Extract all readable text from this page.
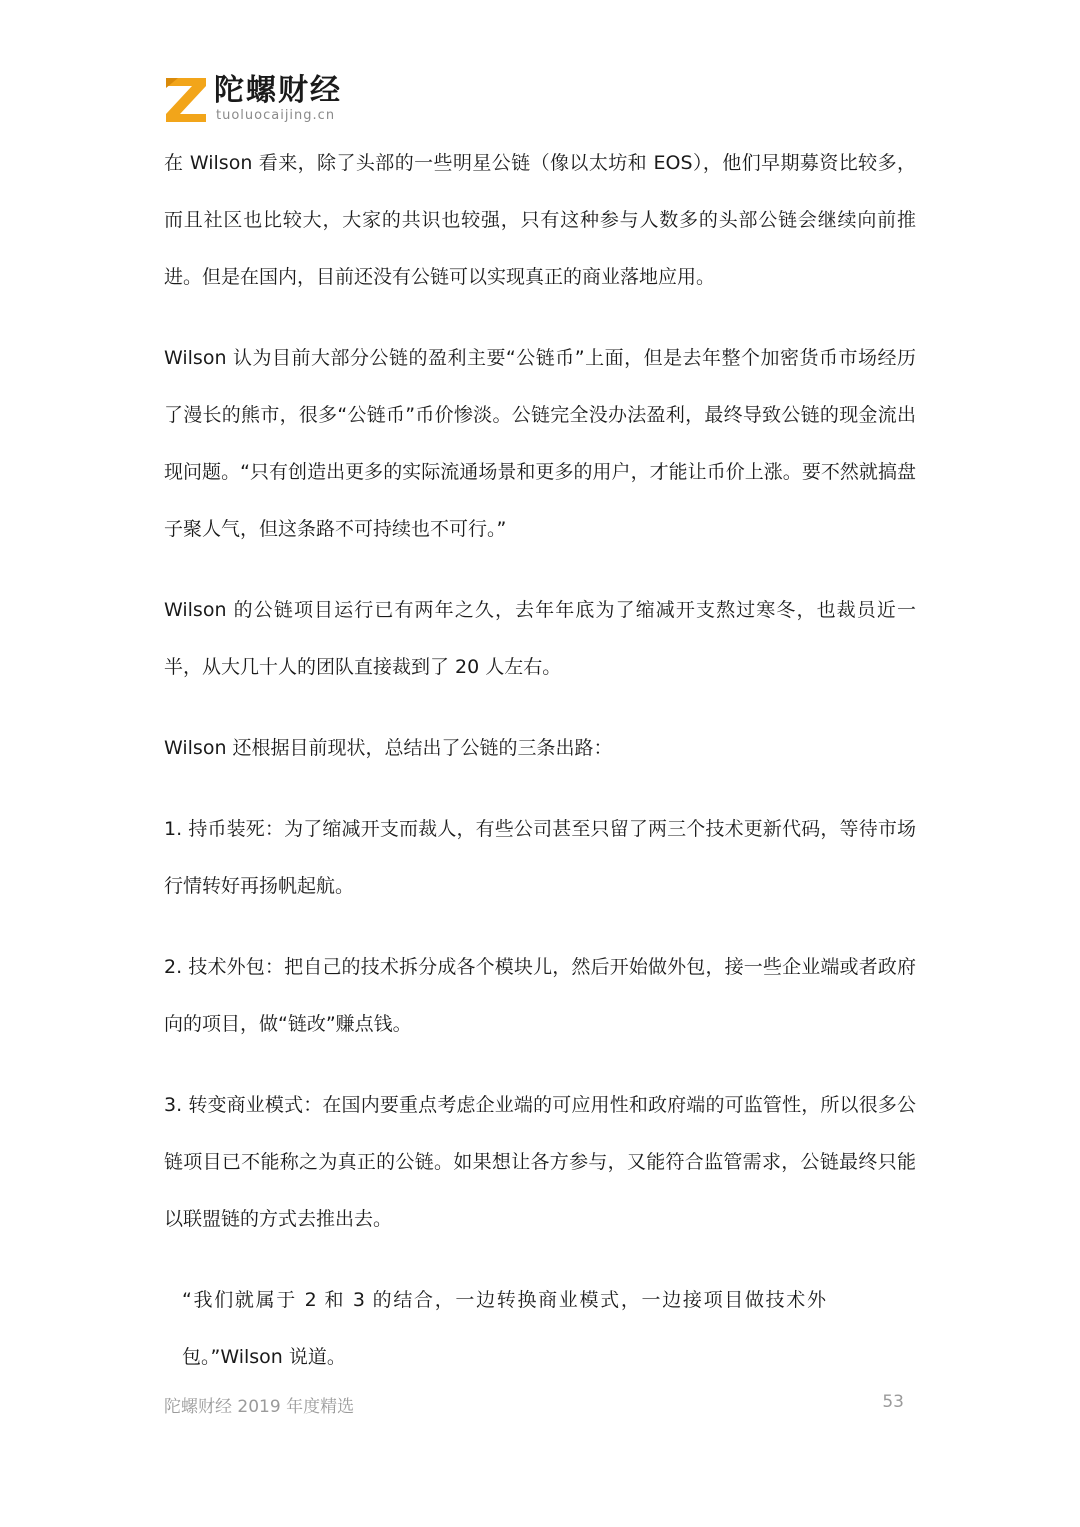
陀螺财经
tuoluocaijing.cn

在 Wilson 看来，除了头部的一些明星公链（像以太坊和 EOS），他们早期募资比较多，而且社区也比较大，大家的共识也较强，只有这种参与人数多的头部公链会继续向前推进。但是在国内，目前还没有公链可以实现真正的商业落地应用。

Wilson 认为目前大部分公链的盈利主要“公链币”上面，但是去年整个加密货币市场经历了漫长的熊市，很多“公链币”币价惨淡。公链完全没办法盈利，最终导致公链的现金流出现问题。“只有创造出更多的实际流通场景和更多的用户，才能让币价上涨。要不然就搞盘子聚人气，但这条路不可持续也不可行。”

Wilson 的公链项目运行已有两年之久，去年年底为了缩减开支熬过寒冬，也裁员近一半，从大几十人的团队直接裁到了 20 人左右。

Wilson 还根据目前现状，总结出了公链的三条出路：

1. 持币装死：为了缩减开支而裁人，有些公司甚至只留了两三个技术更新代码，等待市场行情转好再扬帆起航。

2. 技术外包：把自己的技术拆分成各个模块儿，然后开始做外包，接一些企业端或者政府向的项目，做“链改”赚点钱。

3. 转变商业模式：在国内要重点考虑企业端的可应用性和政府端的可监管性，所以很多公链项目已不能称之为真正的公链。如果想让各方参与，又能符合监管需求，公链最终只能以联盟链的方式去推出去。

“我们就属于 2 和 3 的结合，一边转换商业模式，一边接项目做技术外包。”Wilson 说道。

陀螺财经 2019 年度精选	53
